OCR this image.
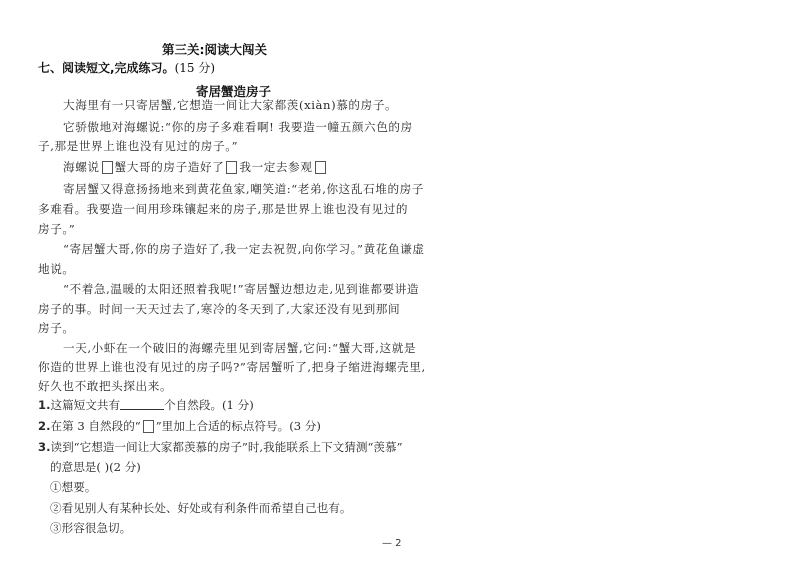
第三关:阅读大闯关
七、阅读短文,完成练习。(15 分)
寄居蟹造房子
大海里有一只寄居蟹,它想造一间让大家都羡(xiàn)慕的房子。
它骄傲地对海螺说:“你的房子多难看啊! 我要造一幢五颜六色的房
子,那是世界上谁也没有见过的房子。”
海螺说 蟹大哥的房子造好了 我一定去参观
寄居蟹又得意扬扬地来到黄花鱼家,嘲笑道:“老弟,你这乱石堆的房子
多难看。我要造一间用珍珠镶起来的房子,那是世界上谁也没有见过的
房子。”
“寄居蟹大哥,你的房子造好了,我一定去祝贺,向你学习。”黄花鱼谦虚
地说。
“不着急,温暖的太阳还照着我呢!”寄居蟹边想边走,见到谁都要讲造
房子的事。时间一天天过去了,寒冷的冬天到了,大家还没有见到那间
房子。
一天,小虾在一个破旧的海螺壳里见到寄居蟹,它问:“蟹大哥,这就是
你造的世界上谁也没有见过的房子吗?”寄居蟹听了,把身子缩进海螺壳里,
好久也不敢把头探出来。
1.这篇短文共有	个自然段。(1 分)
2.在第 3 自然段的“ ”里加上合适的标点符号。(3 分)
3.读到“它想造一间让大家都羡慕的房子”时,我能联系上下文猜测“羡慕”
的意思是( )(2 分)
①想要。
②看见别人有某种长处、好处或有利条件而希望自己也有。
③形容很急切。
— 2
